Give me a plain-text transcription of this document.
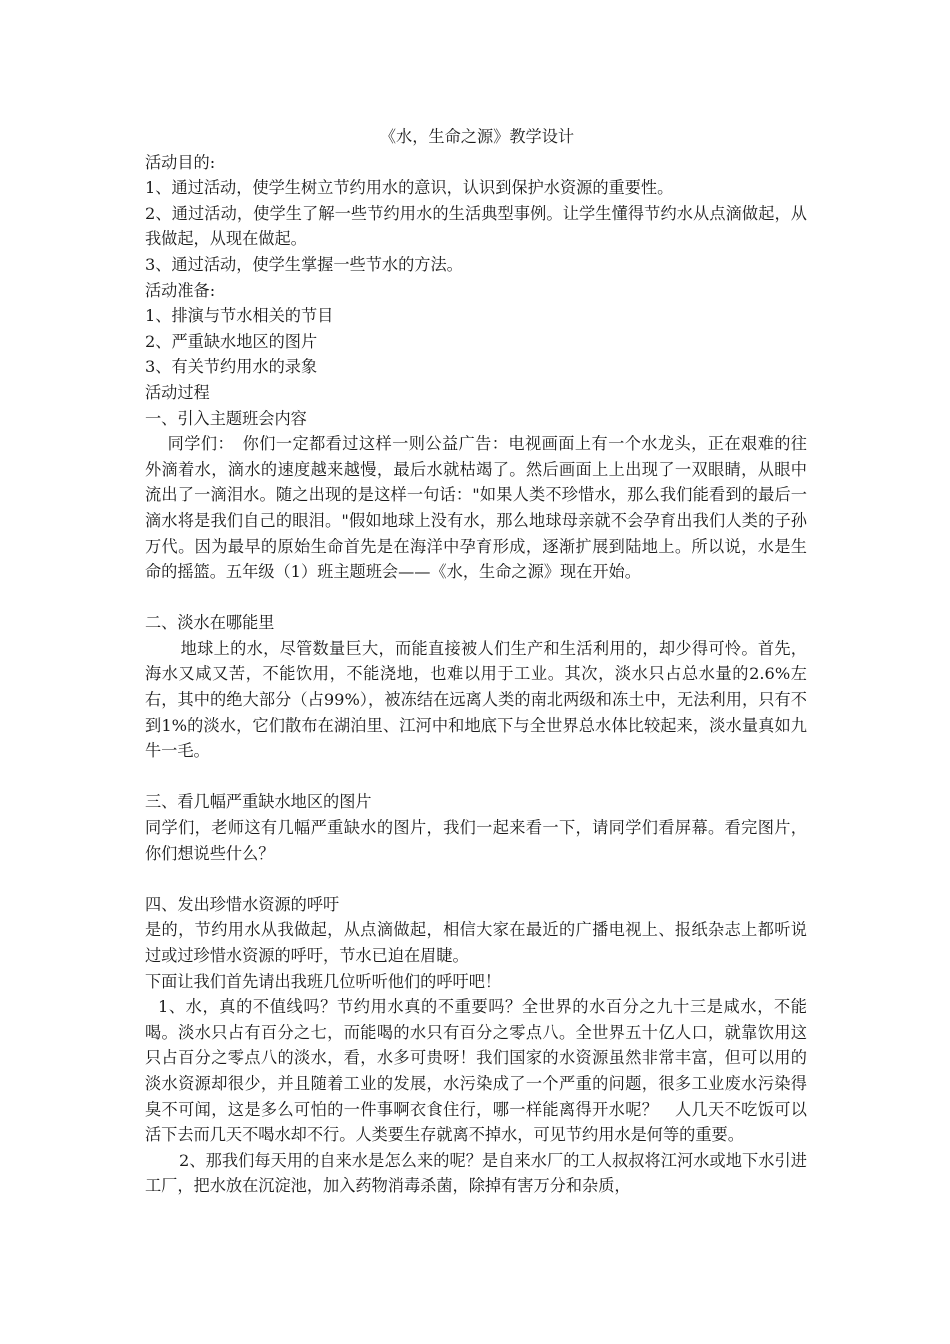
《水，生命之源》教学设计

活动目的:

1、通过活动，使学生树立节约用水的意识，认识到保护水资源的重要性。

2、通过活动，使学生了解一些节约用水的生活典型事例。让学生懂得节约水从点滴做起，从我做起，从现在做起。

3、通过活动，使学生掌握一些节水的方法。

活动准备:

1、排演与节水相关的节目

2、严重缺水地区的图片

3、有关节约用水的录象

活动过程

一、引入主题班会内容

同学们：　你们一定都看过这样一则公益广告：电视画面上有一个水龙头，正在艰难的往外滴着水，滴水的速度越来越慢，最后水就枯竭了。然后画面上上出现了一双眼睛，从眼中流出了一滴泪水。随之出现的是这样一句话："如果人类不珍惜水，那么我们能看到的最后一滴水将是我们自己的眼泪。"假如地球上没有水，那么地球母亲就不会孕育出我们人类的子孙万代。因为最早的原始生命首先是在海洋中孕育形成，逐渐扩展到陆地上。所以说，水是生命的摇篮。五年级（1）班主题班会——《水，生命之源》现在开始。

二、淡水在哪能里

地球上的水，尽管数量巨大，而能直接被人们生产和生活利用的，却少得可怜。首先，海水又咸又苦，不能饮用，不能浇地，也难以用于工业。其次，淡水只占总水量的2.6%左右，其中的绝大部分（占99%），被冻结在远离人类的南北两级和冻土中，无法利用，只有不到1%的淡水，它们散布在湖泊里、江河中和地底下与全世界总水体比较起来，淡水量真如九牛一毛。

三、看几幅严重缺水地区的图片

同学们，老师这有几幅严重缺水的图片，我们一起来看一下，请同学们看屏幕。看完图片，你们想说些什么？

四、发出珍惜水资源的呼吁

是的，节约用水从我做起，从点滴做起，相信大家在最近的广播电视上、报纸杂志上都听说过或过珍惜水资源的呼吁，节水已迫在眉睫。

下面让我们首先请出我班几位听听他们的呼吁吧！

1、水，真的不值线吗？节约用水真的不重要吗？全世界的水百分之九十三是咸水，不能喝。淡水只占有百分之七，而能喝的水只有百分之零点八。全世界五十亿人口，就靠饮用这只占百分之零点八的淡水，看，水多可贵呀！我们国家的水资源虽然非常丰富，但可以用的淡水资源却很少，并且随着工业的发展，水污染成了一个严重的问题，很多工业废水污染得臭不可闻，这是多么可怕的一件事啊衣食住行，哪一样能离得开水呢？　人几天不吃饭可以活下去而几天不喝水却不行。人类要生存就离不掉水，可见节约用水是何等的重要。

2、那我们每天用的自来水是怎么来的呢？是自来水厂的工人叔叔将江河水或地下水引进工厂，把水放在沉淀池，加入药物消毒杀菌，除掉有害万分和杂质，
